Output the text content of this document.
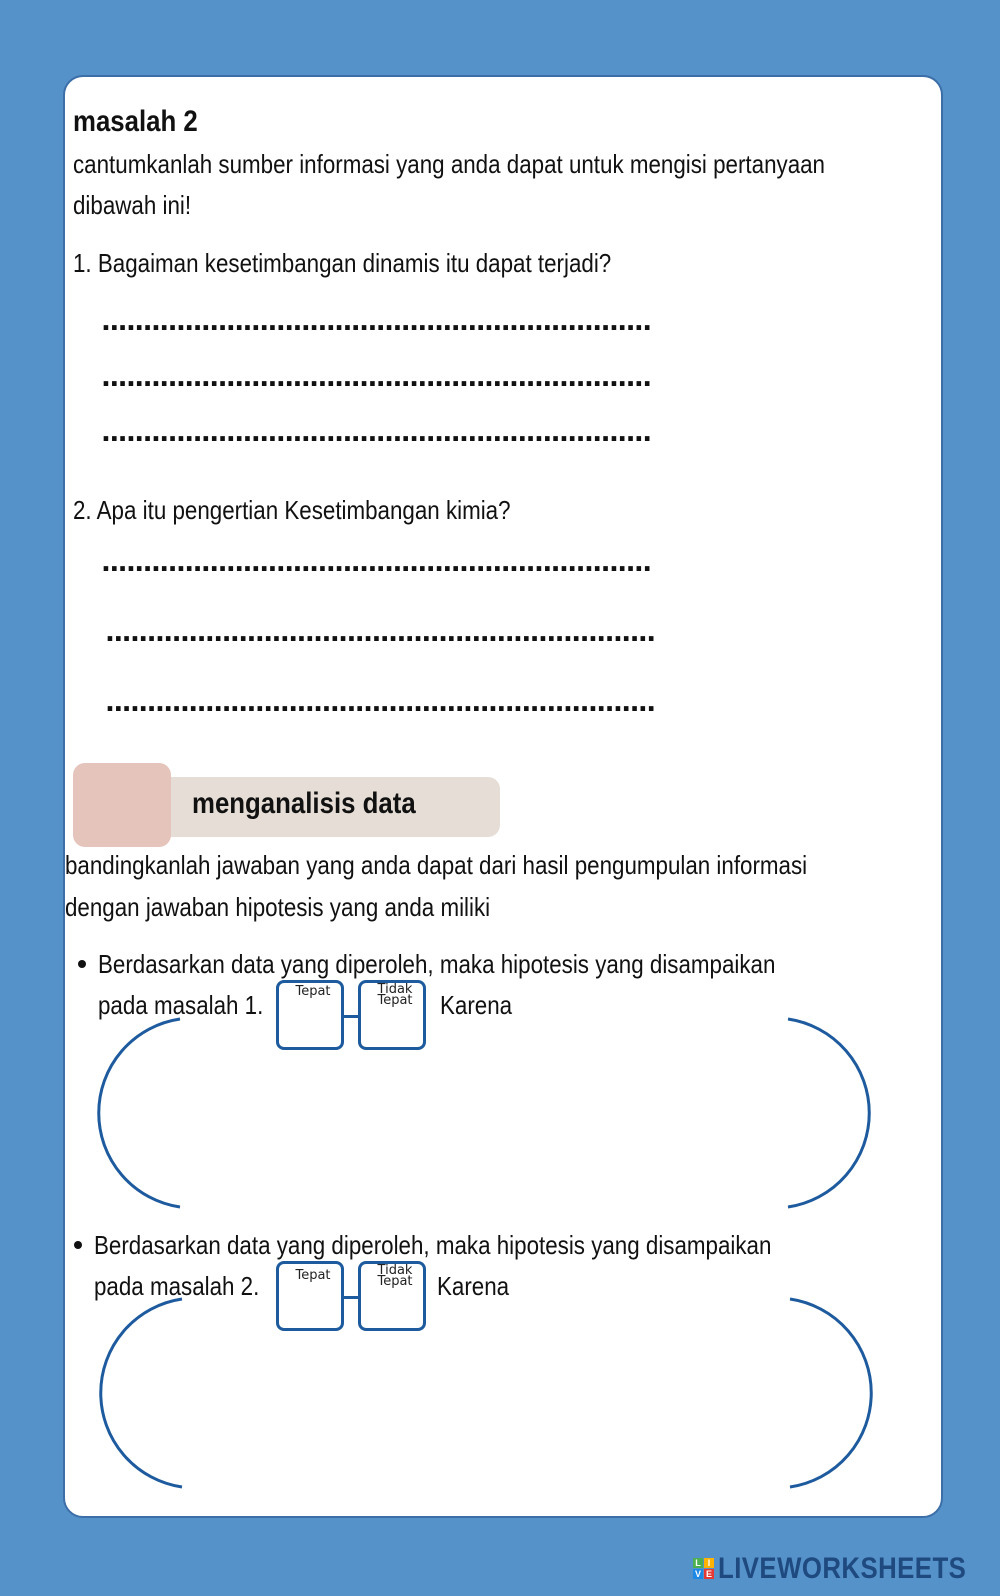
masalah 2
cantumkanlah sumber informasi yang anda dapat untuk mengisi pertanyaan
dibawah ini!
1. Bagaiman kesetimbangan dinamis itu dapat terjadi?
..................................................................
..................................................................
..................................................................
2. Apa itu pengertian Kesetimbangan kimia?
..................................................................
..................................................................
..................................................................
menganalisis data
bandingkanlah jawaban yang anda dapat dari hasil pengumpulan informasi
dengan jawaban hipotesis yang anda miliki
Berdasarkan data yang diperoleh, maka hipotesis yang disampaikan
pada masalah 1.	Tepat	Tidak
Tepat	Karena
Berdasarkan data yang diperoleh, maka hipotesis yang disampaikan
pada masalah 2.	Tepat	Tidak
Tepat Karena
L I
V E LIVEWORKSHEETS
